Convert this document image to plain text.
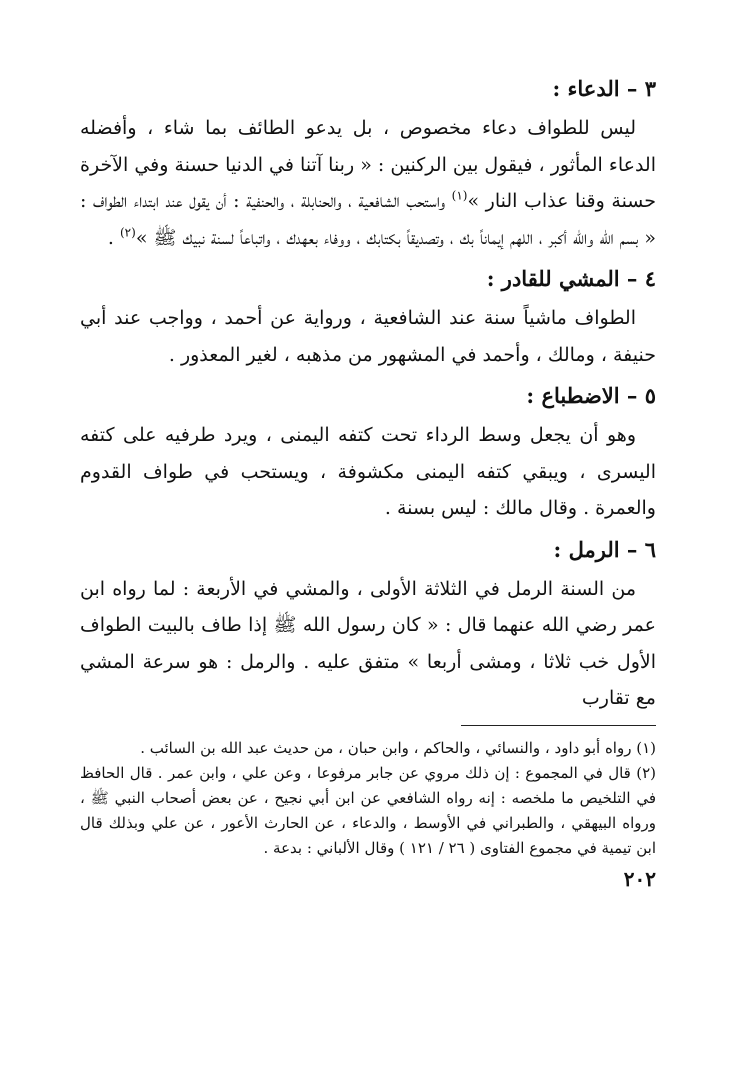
٣ – الدعاء :

ليس للطواف دعاء مخصوص ، بل يدعو الطائف بما شاء ، وأفضله الدعاء المأثور ، فيقول بين الركنين : « ربنا آتنا في الدنيا حسنة وفي الآخرة حسنة وقنا عذاب النار »$^{(١)}$ واستحب الشافعية ، والحنابلة ، والحنفية : أن يقول عند ابتداء الطواف : « بسم الله والله أكبر ، اللهم إيماناً بك ، وتصديقاً بكتابك ، ووفاء بعهدك ، واتباعاً لسنة نبيك ﷺ »$^{(٢)}$ .

٤ – المشي للقادر :

الطواف ماشياً سنة عند الشافعية ، ورواية عن أحمد ، وواجب عند أبي حنيفة ، ومالك ، وأحمد في المشهور من مذهبه ، لغير المعذور .

٥ – الاضطباع :

وهو أن يجعل وسط الرداء تحت كتفه اليمنى ، ويرد طرفيه على كتفه اليسرى ، ويبقي كتفه اليمنى مكشوفة ، ويستحب في طواف القدوم والعمرة . وقال مالك : ليس بسنة .

٦ – الرمل :

من السنة الرمل في الثلاثة الأولى ، والمشي في الأربعة : لما رواه ابن عمر رضي الله عنهما قال : « كان رسول الله ﷺ إذا طاف بالبيت الطواف الأول خب ثلاثا ، ومشى أربعا » متفق عليه . والرمل : هو سرعة المشي مع تقارب

(١) رواه أبو داود ، والنسائي ، والحاكم ، وابن حبان ، من حديث عبد الله بن السائب .

(٢) قال في المجموع : إن ذلك مروي عن جابر مرفوعا ، وعن علي ، وابن عمر . قال الحافظ في التلخيص ما ملخصه : إنه رواه الشافعي عن ابن أبي نجيح ، عن بعض أصحاب النبي ﷺ ، ورواه البيهقي ، والطبراني في الأوسط ، والدعاء ، عن الحارث الأعور ، عن علي وبذلك قال ابن تيمية في مجموع الفتاوى ( ٢٦ / ١٢١ ) وقال الألباني : بدعة .

٢٠٢
